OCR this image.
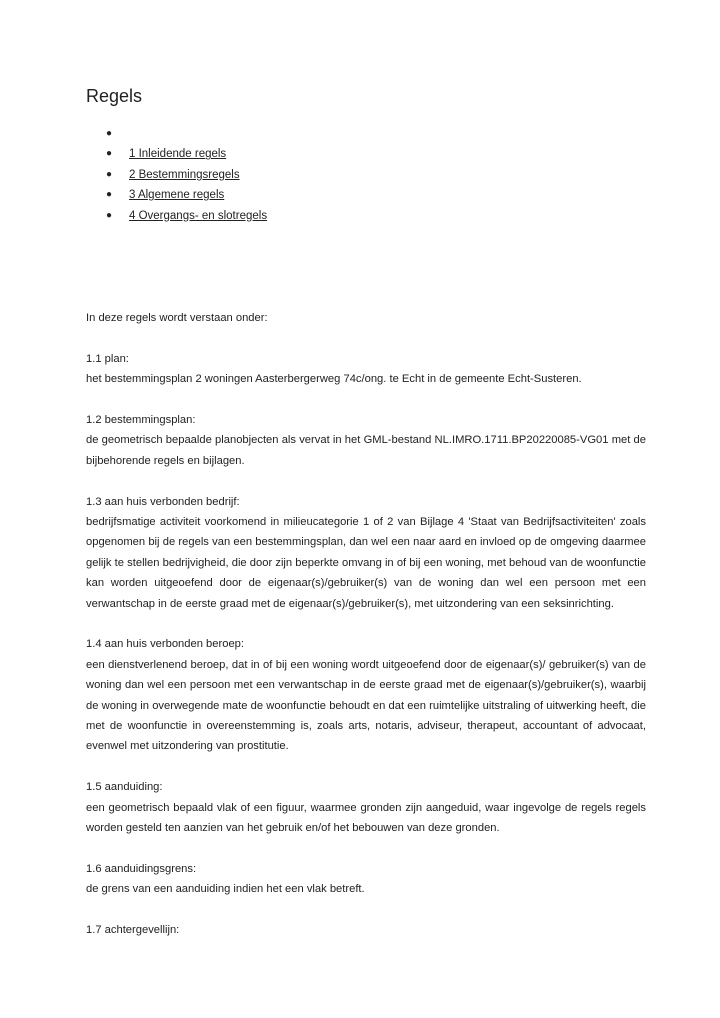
Regels
●
● 1 Inleidende regels
● 2 Bestemmingsregels
● 3 Algemene regels
● 4 Overgangs- en slotregels

In deze regels wordt verstaan onder:

1.1 plan:
het bestemmingsplan 2 woningen Aasterbergerweg 74c/ong. te Echt in de gemeente Echt-Susteren.
1.2 bestemmingsplan:
de geometrisch bepaalde planobjecten als vervat in het GML-bestand NL.IMRO.1711.BP20220085-VG01 met de bijbehorende regels en bijlagen.
1.3 aan huis verbonden bedrijf:
bedrijfsmatige activiteit voorkomend in milieucategorie 1 of 2 van Bijlage 4 'Staat van Bedrijfsactiviteiten' zoals opgenomen bij de regels van een bestemmingsplan, dan wel een naar aard en invloed op de omgeving daarmee gelijk te stellen bedrijvigheid, die door zijn beperkte omvang in of bij een woning, met behoud van de woonfunctie kan worden uitgeoefend door de eigenaar(s)/gebruiker(s) van de woning dan wel een persoon met een verwantschap in de eerste graad met de eigenaar(s)/gebruiker(s), met uitzondering van een seksinrichting.
1.4 aan huis verbonden beroep:
een dienstverlenend beroep, dat in of bij een woning wordt uitgeoefend door de eigenaar(s)/ gebruiker(s) van de woning dan wel een persoon met een verwantschap in de eerste graad met de eigenaar(s)/gebruiker(s), waarbij de woning in overwegende mate de woonfunctie behoudt en dat een ruimtelijke uitstraling of uitwerking heeft, die met de woonfunctie in overeenstemming is, zoals arts, notaris, adviseur, therapeut, accountant of advocaat, evenwel met uitzondering van prostitutie.
1.5 aanduiding:
een geometrisch bepaald vlak of een figuur, waarmee gronden zijn aangeduid, waar ingevolge de regels regels worden gesteld ten aanzien van het gebruik en/of het bebouwen van deze gronden.
1.6 aanduidingsgrens:
de grens van een aanduiding indien het een vlak betreft.
1.7 achtergevellijn:
